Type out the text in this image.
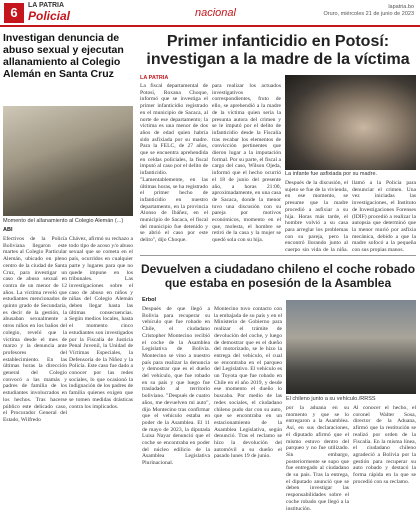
6	LA PATRIA
Policial	nacional	lapatria.bo
Oruro, miércoles 21 de junio de 2023
Investigan denuncia de abuso sexual y ejecutan allanamiento al Colegio Alemán en Santa Cruz
Momento del allanamiento al Colegio Alemán (...)
ABI
Efectivos de la Policía Boliviana llegaron este martes al Colegio Particular Alemán, ubicado en pleno centro de la ciudad de Santa Cruz, para investigar un caso de abuso sexual en contra de un menor de 12 años. La víctima reveló que estudiantes mencionados de quinto grado de Secundaria, es decir de la gestión, la abusaban sexualmente a otros niños en los baños del colegio, reveló que la víctima desde el mes de marzo y la denuncia ante profesores del establecimiento. En las últimas horas la dirección general del Colegio convocó a las mamás y padres de familia de los estudiantes involucrados en los hechos. Tras hacerse público este delicado caso, el Procurador General del Estado, Wilfredo
Chávez, afirmó su rechazo a todo tipo de acoso y/o abuso sexual que se cometa en el país, ocurridos en cualquier parte y lugares para que no quede impune en los tribunales. Las investigaciones sobre el caso de abuso en niños y niñas del Colegio Alemán deben llegar hasta las últimas consecuencias. Según medios locales, hasta el momento cinco estudiantes son investigados por la Fiscalía de Justicia Penal Juvenil, la Unidad de Víctimas Especiales, la Defensoría de la Niñez y la Policía. Este caso fue dado a conocer por las redes sociales, lo que ocasionó la indignación de los padres de familia quienes exigen que se tomen medidas drásticas contra los implicados.
Primer infanticidio en Potosí: investigan a la madre de la víctima
LA PATRIA
La fiscal departamental de Potosí, Roxana Choque, informó que se investiga el primer infanticidio registrado en el municipio de Sacaca, al norte de ese departamento; la víctima es una menor de dos años de edad quien habría sido asfixiada por su madre. Para la FELC, de 27 años, que se encuentra aprehendida en celdas policiales, la fiscal imputó al caso por el delito de infanticidio. "Lamentablemente, en las últimas horas, se ha registrado el primer hecho de infanticidio en nuestro departamento, en la provincia Alonso de Ibáñez, en el municipio de Sacaca, el fiscal del municipio fue detenido y se abrió el caso por este delito", dijo Choque.
para realizar los actuados investigativos correspondientes, fruto de ello, se aprehendió a la madre de la víctima quien sería la presunta autora del crimen y se le imputó por el delito de infanticidio desde la Fiscalía tras recabar los elementos de convicción pertinentes que dieron lugar a la imputación formal. Por su parte, el fiscal a cargo del caso, Wilson Ojeda, informó que el hecho ocurrió el 18 de junio del presente año, a horas 21:00, aproximadamente, en una casa de Sacaca, donde la menor tuvo una discusión con su pareja por motivos económicos, momento en el que, molesta, el hombre se retiró de la casa y la mujer se quedó sola con su hija.
La infante fue asfixiada por su madre.
Después de la discusión, el sujeto se fue de la vivienda, en ese momento, se presume que la madre procedió a asfixiar a su hija. Horas más tarde, el hombre volvió a su casa para arreglar los problemas con su pareja, pero la encontró llorando junto al cuerpo sin vida de la niña.
llamó a la Policía para denunciar el crimen. Una vez iniciadas las investigaciones, el Instituto de Investigaciones Forenses (IDIF) procedió a realizar la autopsia que determinó que la menor murió por asfixia mecánica, debido a que la madre sofocó a la pequeña con sus propias manos.
Devuelven a ciudadano chileno el coche robado que estaba en posesión de la Asamblea
Erbol
Después de que llegó a Bolivia para recuperar su vehículo que fue robado en Chile, el ciudadano Cristopher Montecino recibió el coche de la Asamblea Legislativa de Bolivia. Montecino se vino a nuestro país para realizar la denuncia y demostrar que es el dueño del vehículo, que fue robado en su país y que luego fue trasladado al territorio boliviano. "Después de cuatro años, me devuelven mi auto", dijo Montecino tras confirmar que el vehículo estaba en poder de la Asamblea. El 11 de mayo de 2023, la diputada Luisa Nayar denunció que el coche se encontraba en poder del núcleo edilicio de la Asamblea Legislativa Plurinacional.
Montecino tuvo contacto con la embajada de su país y en el Ministerio de Gobierno para realizar el trámite de devolución del coche, y luego de demostrar que es el dueño del motorizado, se le hizo la entrega del vehículo, el cual se encontraba en el parqueo del Legislativo. El vehículo es un Toyota que fue robado en Chile en el año 2019, y desde ese momento el dueño lo buscaba. Por medio de las redes sociales, el ciudadano chileno pudo dar con su auto, que se encontraba en un estacionamiento de la Asamblea Legislativa, según denunció. Tras el reclamo se hizo la devolución del automóvil a su dueño el pasado lunes 19 de junio.
El chileno junto a su vehículo./RRSS
por la aduana en su momento y que se lo entregaron a la Asamblea. Así, en sus declaraciones, el diputado afirmó que el mismo estuvo dentro del parqueo y no fue utilizado. Sin embargo, posteriormente se supo que fue entregado al ciudadano de su país. Tras la entrega, el diputado anunció que se deben investigar las responsabilidades sobre el coche robado que llegó a la institución.
Al conocer el hecho, el coronel Walter Sosa, director de la Aduana, afirmó que la restitución se realizó por orden de la Fiscalía. En la misma línea, el ciudadano chileno agradeció a Bolivia por la gestión para recuperar su auto robado y destacó la forma rápida en la que se procedió con su reclamo.
